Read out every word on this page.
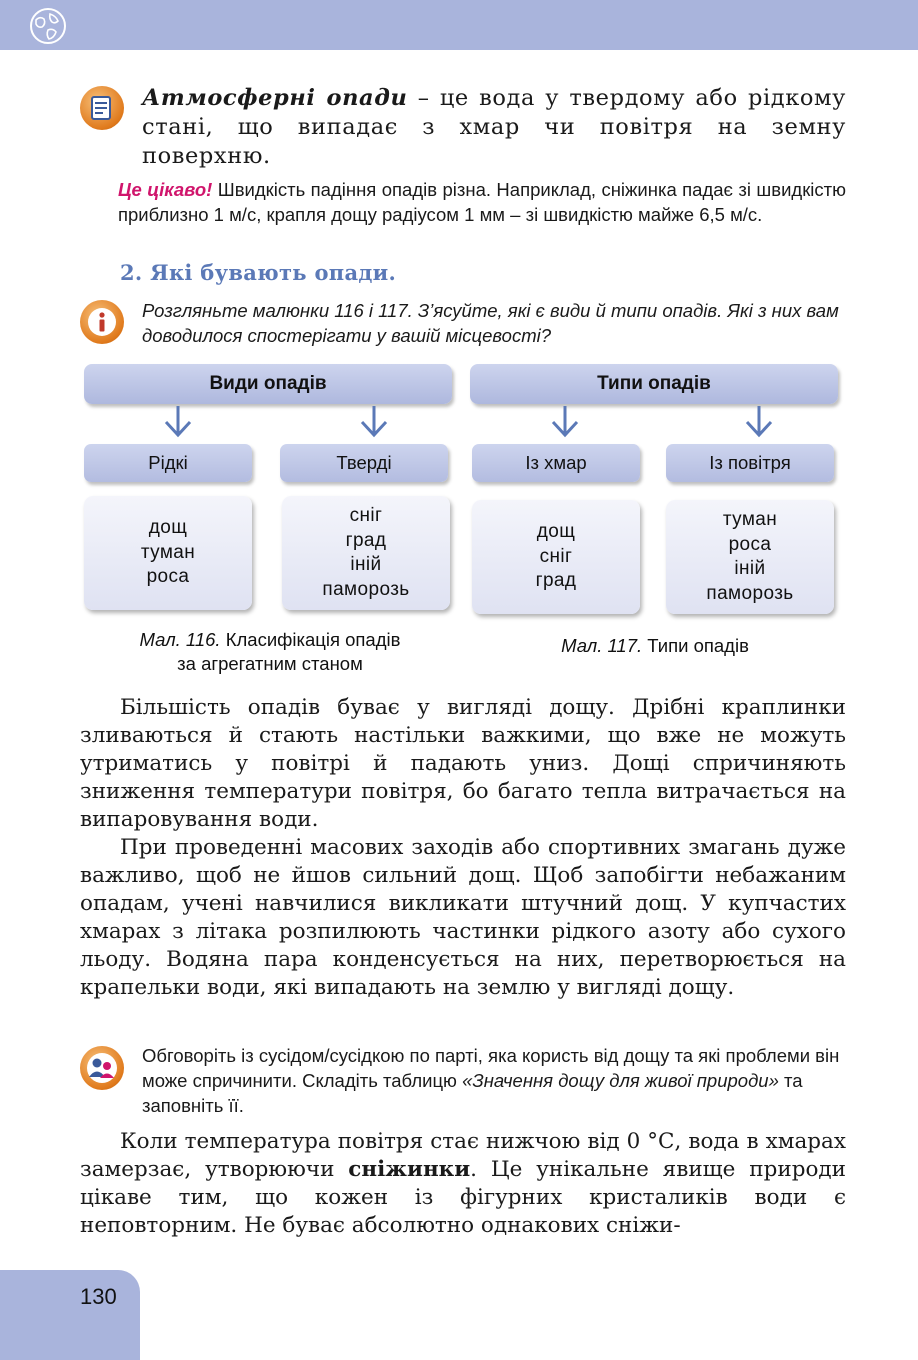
Атмосферні опади – це вода у твердому або рідкому стані, що випадає з хмар чи повітря на земну поверхню.
Це цікаво! Швидкість падіння опадів різна. Наприклад, сніжинка падає зі швидкістю приблизно 1 м/с, крапля дощу радіусом 1 мм – зі швидкістю майже 6,5 м/с.
2. Які бувають опади.
Розгляньте малюнки 116 і 117. З’ясуйте, які є види й типи опадів. Які з них вам доводилося спостерігати у вашій місцевості?
Види опадів	Типи опадів
Рідкі	Тверді	Із хмар	Із повітря
дощ
туман
роса
сніг
град
іній
паморозь
дощ
сніг
град
туман
роса
іній
паморозь
Мал. 116. Класифікація опадів
за агрегатним станом
Мал. 117. Типи опадів
Більшість опадів буває у вигляді дощу. Дрібні краплинки зливаються й стають настільки важкими, що вже не можуть утриматись у повітрі й падають униз. Дощі спричиняють зниження температури повітря, бо багато тепла витрачається на випаровування води.
При проведенні масових заходів або спортивних змагань дуже важливо, щоб не йшов сильний дощ. Щоб запобігти небажаним опадам, учені навчилися викликати штучний дощ. У купчастих хмарах з літака розпилюють частинки рідкого азоту або сухого льоду. Водяна пара конденсується на них, перетворюється на крапельки води, які випадають на землю у вигляді дощу.
Обговоріть із сусідом/сусідкою по парті, яка користь від дощу та які проблеми він може спричинити. Складіть таблицю «Значення дощу для живої природи» та заповніть її.
Коли температура повітря стає нижчою від 0 °С, вода в хмарах замерзає, утворюючи сніжинки. Це унікальне явище природи цікаве тим, що кожен із фігурних кристаликів води є неповторним. Не буває абсолютно однакових сніжи-
130
